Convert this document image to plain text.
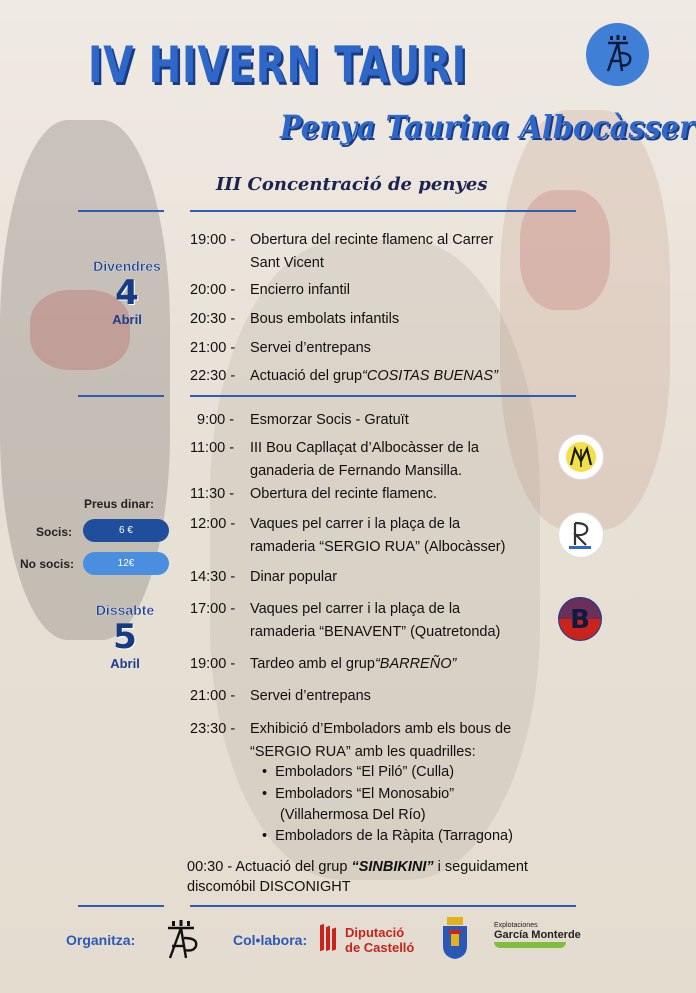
IV HIVERN TAURI
Penya Taurina Albocàsser
III Concentració de penyes
Divendres
4
Abril
Dissabte
5
Abril
19:00 - Obertura del recinte flamenc al Carrer
Sant Vicent
20:00 - Encierro infantil
20:30 - Bous embolats infantils
21:00 - Servei d’entrepans
22:30 - Actuació del grup“COSITAS BUENAS”
9:00 - Esmorzar Socis - Gratuït
11:00 - III Bou Capllaçat d’Albocàsser de la
ganaderia de Fernando Mansilla.
11:30 - Obertura del recinte flamenc.
12:00 - Vaques pel carrer i la plaça de la
ramaderia “SERGIO RUA” (Albocàsser)
14:30 - Dinar popular
17:00 - Vaques pel carrer i la plaça de la
ramaderia “BENAVENT” (Quatretonda)
19:00 - Tardeo amb el grup“BARREÑO”
21:00 - Servei d’entrepans
23:30 - Exhibició d’Emboladors amb els bous de
“SERGIO RUA” amb les quadrilles:
•  Emboladors “El Piló” (Culla)
•  Emboladors “El Monosabio”
(Villahermosa Del Río)
•  Emboladors de la Ràpita (Tarragona)
00:30 - Actuació del grup “SINBIKINI” i seguidament
discomóbil DISCONIGHT
B
Preus dinar:
Socis:	6 €
No socis:	12€
Organitza:	Col•labora:	Diputació
de Castelló
Explotaciones
García Monterde
